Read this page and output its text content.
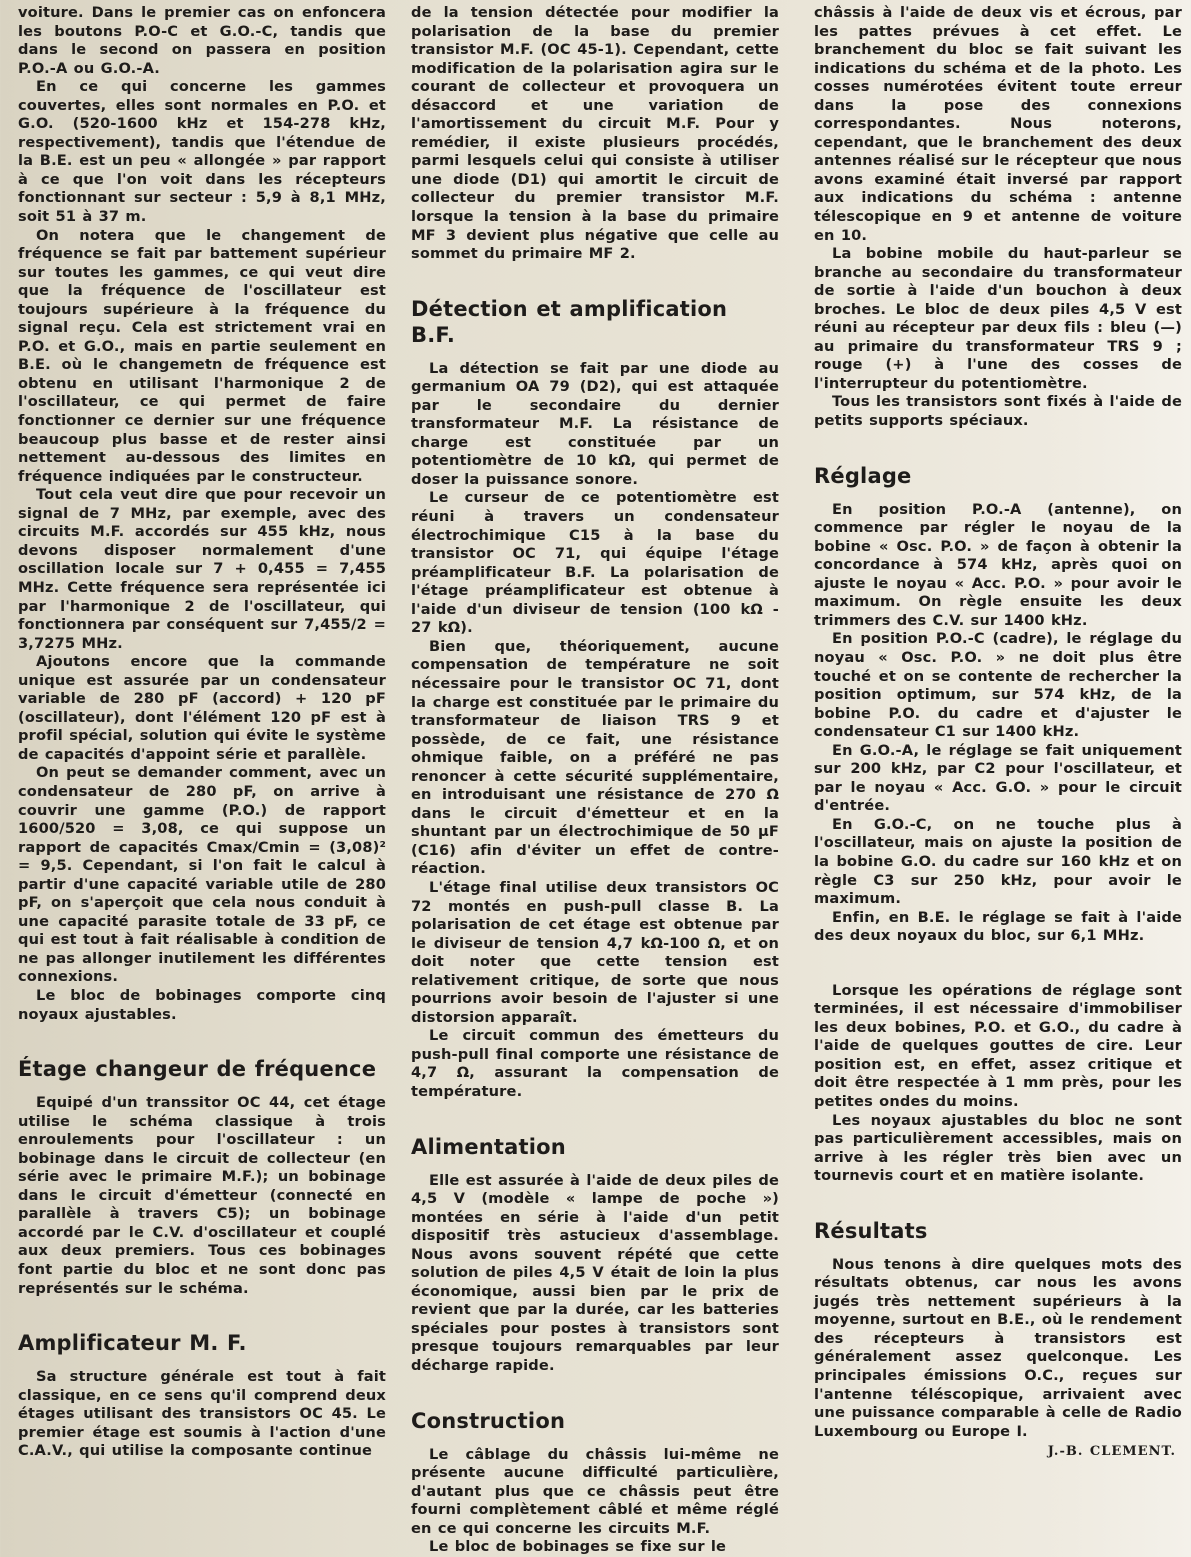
voiture. Dans le premier cas on enfoncera les boutons P.O-C et G.O.-C, tandis que dans le second on passera en position P.O.-A ou G.O.-A.

En ce qui concerne les gammes couvertes, elles sont normales en P.O. et G.O. (520-1600 kHz et 154-278 kHz, respectivement), tandis que l'étendue de la B.E. est un peu « allongée » par rapport à ce que l'on voit dans les récepteurs fonctionnant sur secteur : 5,9 à 8,1 MHz, soit 51 à 37 m.

On notera que le changement de fréquence se fait par battement supérieur sur toutes les gammes, ce qui veut dire que la fréquence de l'oscillateur est toujours supérieure à la fréquence du signal reçu. Cela est strictement vrai en P.O. et G.O., mais en partie seulement en B.E. où le changemetn de fréquence est obtenu en utilisant l'harmonique 2 de l'oscillateur, ce qui permet de faire fonctionner ce dernier sur une fréquence beaucoup plus basse et de rester ainsi nettement au-dessous des limites en fréquence indiquées par le constructeur.

Tout cela veut dire que pour recevoir un signal de 7 MHz, par exemple, avec des circuits M.F. accordés sur 455 kHz, nous devons disposer normalement d'une oscillation locale sur 7 + 0,455 = 7,455 MHz. Cette fréquence sera représentée ici par l'harmonique 2 de l'oscillateur, qui fonctionnera par conséquent sur 7,455/2 = 3,7275 MHz.

Ajoutons encore que la commande unique est assurée par un condensateur variable de 280 pF (accord) + 120 pF (oscillateur), dont l'élément 120 pF est à profil spécial, solution qui évite le système de capacités d'appoint série et parallèle.

On peut se demander comment, avec un condensateur de 280 pF, on arrive à couvrir une gamme (P.O.) de rapport 1600/520 = 3,08, ce qui suppose un rapport de capacités Cmax/Cmin = (3,08)² = 9,5. Cependant, si l'on fait le calcul à partir d'une capacité variable utile de 280 pF, on s'aperçoit que cela nous conduit à une capacité parasite totale de 33 pF, ce qui est tout à fait réalisable à condition de ne pas allonger inutilement les différentes connexions.

Le bloc de bobinages comporte cinq noyaux ajustables.

Étage changeur de fréquence

Equipé d'un transsitor OC 44, cet étage utilise le schéma classique à trois enroulements pour l'oscillateur : un bobinage dans le circuit de collecteur (en série avec le primaire M.F.); un bobinage dans le circuit d'émetteur (connecté en parallèle à travers C5); un bobinage accordé par le C.V. d'oscillateur et couplé aux deux premiers. Tous ces bobinages font partie du bloc et ne sont donc pas représentés sur le schéma.

Amplificateur M. F.

Sa structure générale est tout à fait classique, en ce sens qu'il comprend deux étages utilisant des transistors OC 45. Le premier étage est soumis à l'action d'une C.A.V., qui utilise la composante continue

de la tension détectée pour modifier la polarisation de la base du premier transistor M.F. (OC 45-1). Cependant, cette modification de la polarisation agira sur le courant de collecteur et provoquera un désaccord et une variation de l'amortissement du circuit M.F. Pour y remédier, il existe plusieurs procédés, parmi lesquels celui qui consiste à utiliser une diode (D1) qui amortit le circuit de collecteur du premier transistor M.F. lorsque la tension à la base du primaire MF 3 devient plus négative que celle au sommet du primaire MF 2.

Détection et amplification B.F.

La détection se fait par une diode au germanium OA 79 (D2), qui est attaquée par le secondaire du dernier transformateur M.F. La résistance de charge est constituée par un potentiomètre de 10 kΩ, qui permet de doser la puissance sonore.

Le curseur de ce potentiomètre est réuni à travers un condensateur électrochimique C15 à la base du transistor OC 71, qui équipe l'étage préamplificateur B.F. La polarisation de l'étage préamplificateur est obtenue à l'aide d'un diviseur de tension (100 kΩ - 27 kΩ).

Bien que, théoriquement, aucune compensation de température ne soit nécessaire pour le transistor OC 71, dont la charge est constituée par le primaire du transformateur de liaison TRS 9 et possède, de ce fait, une résistance ohmique faible, on a préféré ne pas renoncer à cette sécurité supplémentaire, en introduisant une résistance de 270 Ω dans le circuit d'émetteur et en la shuntant par un électrochimique de 50 µF (C16) afin d'éviter un effet de contre-réaction.

L'étage final utilise deux transistors OC 72 montés en push-pull classe B. La polarisation de cet étage est obtenue par le diviseur de tension 4,7 kΩ-100 Ω, et on doit noter que cette tension est relativement critique, de sorte que nous pourrions avoir besoin de l'ajuster si une distorsion apparaît.

Le circuit commun des émetteurs du push-pull final comporte une résistance de 4,7 Ω, assurant la compensation de température.

Alimentation

Elle est assurée à l'aide de deux piles de 4,5 V (modèle « lampe de poche ») montées en série à l'aide d'un petit dispositif très astucieux d'assemblage. Nous avons souvent répété que cette solution de piles 4,5 V était de loin la plus économique, aussi bien par le prix de revient que par la durée, car les batteries spéciales pour postes à transistors sont presque toujours remarquables par leur décharge rapide.

Construction

Le câblage du châssis lui-même ne présente aucune difficulté particulière, d'autant plus que ce châssis peut être fourni complètement câblé et même réglé en ce qui concerne les circuits M.F.

Le bloc de bobinages se fixe sur le

châssis à l'aide de deux vis et écrous, par les pattes prévues à cet effet. Le branchement du bloc se fait suivant les indications du schéma et de la photo. Les cosses numérotées évitent toute erreur dans la pose des connexions correspondantes. Nous noterons, cependant, que le branchement des deux antennes réalisé sur le récepteur que nous avons examiné était inversé par rapport aux indications du schéma : antenne télescopique en 9 et antenne de voiture en 10.

La bobine mobile du haut-parleur se branche au secondaire du transformateur de sortie à l'aide d'un bouchon à deux broches. Le bloc de deux piles 4,5 V est réuni au récepteur par deux fils : bleu (—) au primaire du transformateur TRS 9 ; rouge (+) à l'une des cosses de l'interrupteur du potentiomètre.

Tous les transistors sont fixés à l'aide de petits supports spéciaux.

Réglage

En position P.O.-A (antenne), on commence par régler le noyau de la bobine « Osc. P.O. » de façon à obtenir la concordance à 574 kHz, après quoi on ajuste le noyau « Acc. P.O. » pour avoir le maximum. On règle ensuite les deux trimmers des C.V. sur 1400 kHz.

En position P.O.-C (cadre), le réglage du noyau « Osc. P.O. » ne doit plus être touché et on se contente de rechercher la position optimum, sur 574 kHz, de la bobine P.O. du cadre et d'ajuster le condensateur C1 sur 1400 kHz.

En G.O.-A, le réglage se fait uniquement sur 200 kHz, par C2 pour l'oscillateur, et par le noyau « Acc. G.O. » pour le circuit d'entrée.

En G.O.-C, on ne touche plus à l'oscillateur, mais on ajuste la position de la bobine G.O. du cadre sur 160 kHz et on règle C3 sur 250 kHz, pour avoir le maximum.

Enfin, en B.E. le réglage se fait à l'aide des deux noyaux du bloc, sur 6,1 MHz.

Lorsque les opérations de réglage sont terminées, il est nécessaire d'immobiliser les deux bobines, P.O. et G.O., du cadre à l'aide de quelques gouttes de cire. Leur position est, en effet, assez critique et doit être respectée à 1 mm près, pour les petites ondes du moins.

Les noyaux ajustables du bloc ne sont pas particulièrement accessibles, mais on arrive à les régler très bien avec un tournevis court et en matière isolante.

Résultats

Nous tenons à dire quelques mots des résultats obtenus, car nous les avons jugés très nettement supérieurs à la moyenne, surtout en B.E., où le rendement des récepteurs à transistors est généralement assez quelconque. Les principales émissions O.C., reçues sur l'antenne téléscopique, arrivaient avec une puissance comparable à celle de Radio Luxembourg ou Europe I.

J.-B. CLEMENT.
